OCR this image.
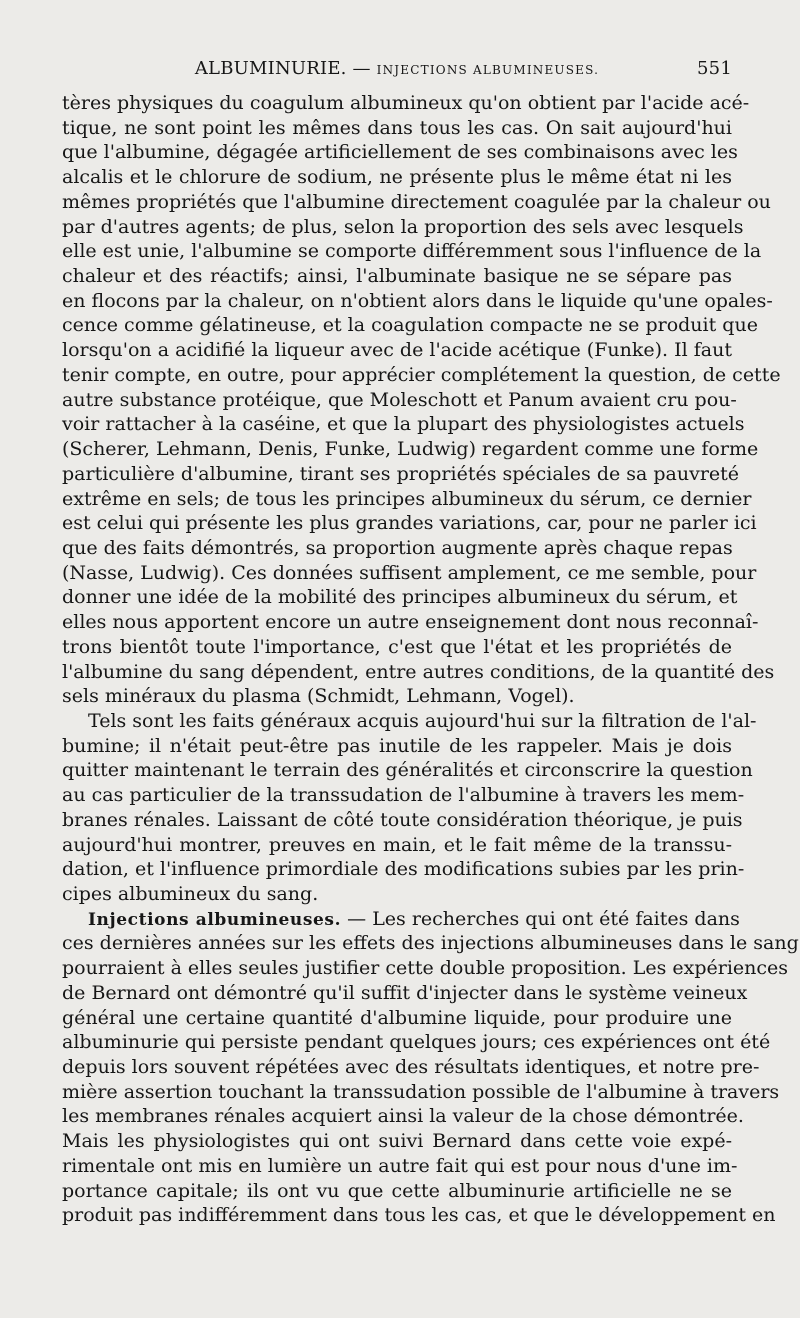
ALBUMINURIE. — INJECTIONS ALBUMINEUSES.	551
tères physiques du coagulum albumineux qu'on obtient par l'acide acé-
tique, ne sont point les mêmes dans tous les cas. On sait aujourd'hui
que l'albumine, dégagée artificiellement de ses combinaisons avec les
alcalis et le chlorure de sodium, ne présente plus le même état ni les
mêmes propriétés que l'albumine directement coagulée par la chaleur ou
par d'autres agents; de plus, selon la proportion des sels avec lesquels
elle est unie, l'albumine se comporte différemment sous l'influence de la
chaleur et des réactifs; ainsi, l'albuminate basique ne se sépare pas
en flocons par la chaleur, on n'obtient alors dans le liquide qu'une opales-
cence comme gélatineuse, et la coagulation compacte ne se produit que
lorsqu'on a acidifié la liqueur avec de l'acide acétique (Funke). Il faut
tenir compte, en outre, pour apprécier complétement la question, de cette
autre substance protéique, que Moleschott et Panum avaient cru pou-
voir rattacher à la caséine, et que la plupart des physiologistes actuels
(Scherer, Lehmann, Denis, Funke, Ludwig) regardent comme une forme
particulière d'albumine, tirant ses propriétés spéciales de sa pauvreté
extrême en sels; de tous les principes albumineux du sérum, ce dernier
est celui qui présente les plus grandes variations, car, pour ne parler ici
que des faits démontrés, sa proportion augmente après chaque repas
(Nasse, Ludwig). Ces données suffisent amplement, ce me semble, pour
donner une idée de la mobilité des principes albumineux du sérum, et
elles nous apportent encore un autre enseignement dont nous reconnaî-
trons bientôt toute l'importance, c'est que l'état et les propriétés de
l'albumine du sang dépendent, entre autres conditions, de la quantité des
sels minéraux du plasma (Schmidt, Lehmann, Vogel).
Tels sont les faits généraux acquis aujourd'hui sur la filtration de l'al-
bumine; il n'était peut-être pas inutile de les rappeler. Mais je dois
quitter maintenant le terrain des généralités et circonscrire la question
au cas particulier de la transsudation de l'albumine à travers les mem-
branes rénales. Laissant de côté toute considération théorique, je puis
aujourd'hui montrer, preuves en main, et le fait même de la transsu-
dation, et l'influence primordiale des modifications subies par les prin-
cipes albumineux du sang.
Injections albumineuses. — Les recherches qui ont été faites dans
ces dernières années sur les effets des injections albumineuses dans le sang
pourraient à elles seules justifier cette double proposition. Les expériences
de Bernard ont démontré qu'il suffit d'injecter dans le système veineux
général une certaine quantité d'albumine liquide, pour produire une
albuminurie qui persiste pendant quelques jours; ces expériences ont été
depuis lors souvent répétées avec des résultats identiques, et notre pre-
mière assertion touchant la transsudation possible de l'albumine à travers
les membranes rénales acquiert ainsi la valeur de la chose démontrée.
Mais les physiologistes qui ont suivi Bernard dans cette voie expé-
rimentale ont mis en lumière un autre fait qui est pour nous d'une im-
portance capitale; ils ont vu que cette albuminurie artificielle ne se
produit pas indifféremment dans tous les cas, et que le développement en
